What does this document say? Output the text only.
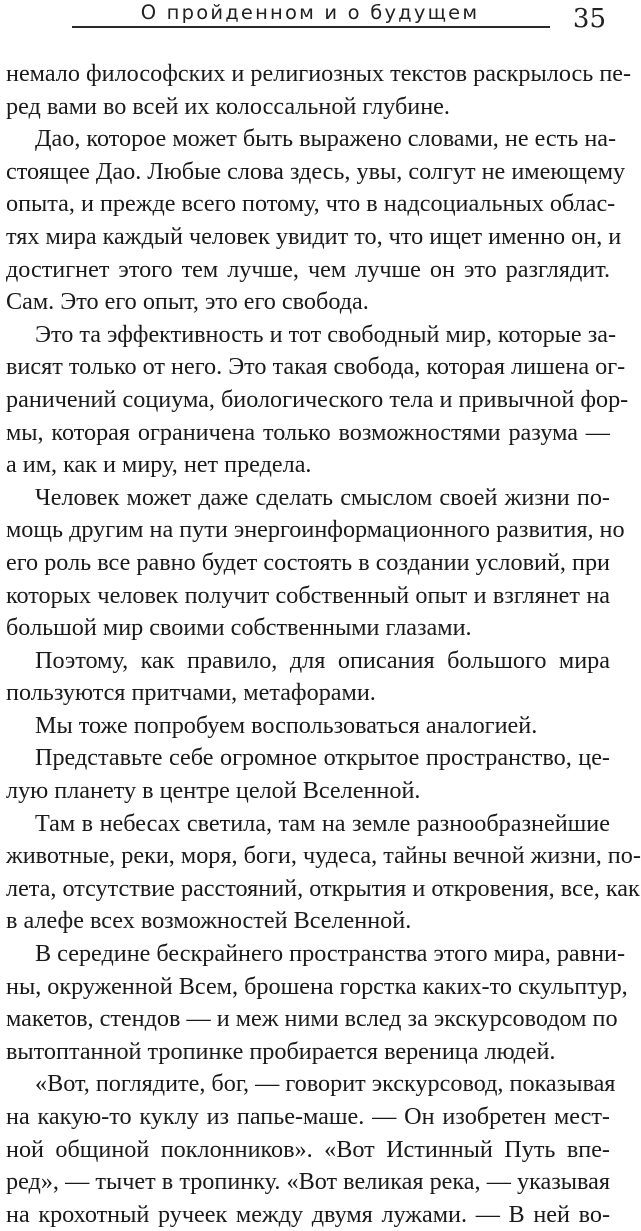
О пройденном и о будущем	35
немало философских и религиозных текстов раскрылось пе-
ред вами во всей их колоссальной глубине.
Дао, которое может быть выражено словами, не есть на-
стоящее Дао. Любые слова здесь, увы, солгут не имеющему
опыта, и прежде всего потому, что в надсоциальных облас-
тях мира каждый человек увидит то, что ищет именно он, и
достигнет этого тем лучше, чем лучше он это разглядит.
Сам. Это его опыт, это его свобода.
Это та эффективность и тот свободный мир, которые за-
висят только от него. Это такая свобода, которая лишена ог-
раничений социума, биологического тела и привычной фор-
мы, которая ограничена только возможностями разума —
а им, как и миру, нет предела.
Человек может даже сделать смыслом своей жизни по-
мощь другим на пути энергоинформационного развития, но
его роль все равно будет состоять в создании условий, при
которых человек получит собственный опыт и взглянет на
большой мир своими собственными глазами.
Поэтому, как правило, для описания большого мира
пользуются притчами, метафорами.
Мы тоже попробуем воспользоваться аналогией.
Представьте себе огромное открытое пространство, це-
лую планету в центре целой Вселенной.
Там в небесах светила, там на земле разнообразнейшие
животные, реки, моря, боги, чудеса, тайны вечной жизни, по-
лета, отсутствие расстояний, открытия и откровения, все, как
в алефе всех возможностей Вселенной.
В середине бескрайнего пространства этого мира, равни-
ны, окруженной Всем, брошена горстка каких-то скульптур,
макетов, стендов — и меж ними вслед за экскурсоводом по
вытоптанной тропинке пробирается вереница людей.
«Вот, поглядите, бог, — говорит экскурсовод, показывая
на какую-то куклу из папье-маше. — Он изобретен мест-
ной общиной поклонников». «Вот Истинный Путь впе-
ред», — тычет в тропинку. «Вот великая река, — указывая
на крохотный ручеек между двумя лужами. — В ней во-
